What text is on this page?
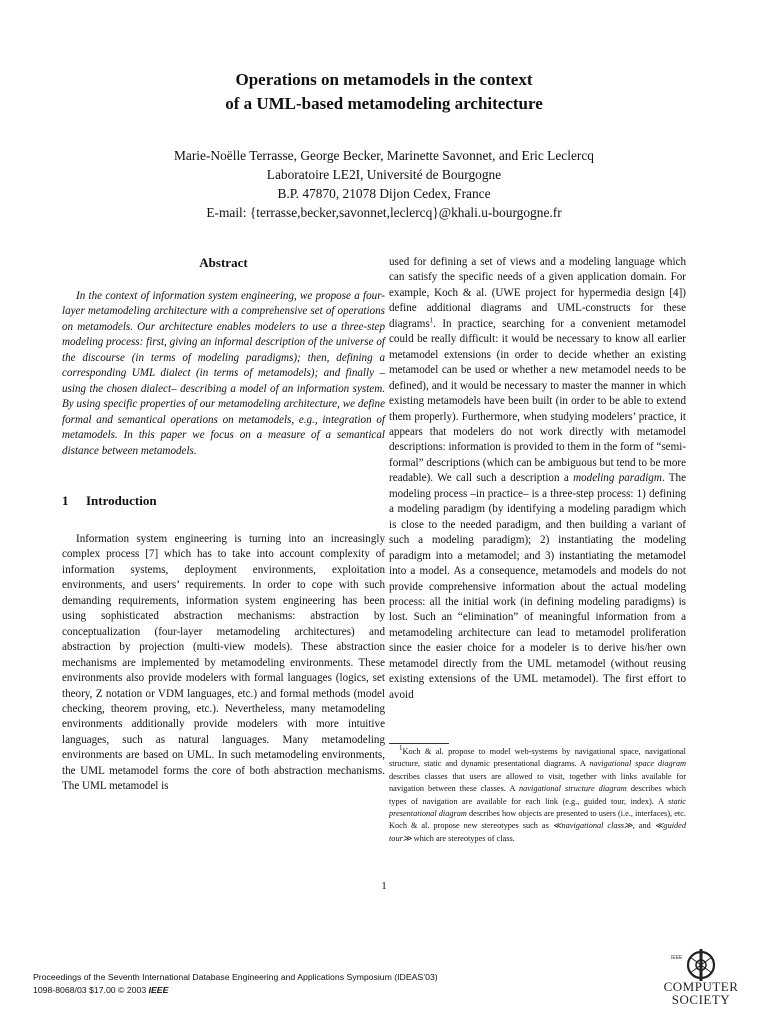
Operations on metamodels in the context
of a UML-based metamodeling architecture
Marie-Noëlle Terrasse, George Becker, Marinette Savonnet, and Eric Leclercq
Laboratoire LE2I, Université de Bourgogne
B.P. 47870, 21078 Dijon Cedex, France
E-mail: {terrasse,becker,savonnet,leclercq}@khali.u-bourgogne.fr
Abstract

In the context of information system engineering, we propose a four-layer metamodeling architecture with a comprehensive set of operations on metamodels. Our architecture enables modelers to use a three-step modeling process: first, giving an informal description of the universe of the discourse (in terms of modeling paradigms); then, defining a corresponding UML dialect (in terms of metamodels); and finally –using the chosen dialect– describing a model of an information system. By using specific properties of our metamodeling architecture, we define formal and semantical operations on metamodels, e.g., integration of metamodels. In this paper we focus on a measure of a semantical distance between metamodels.

1 Introduction

Information system engineering is turning into an increasingly complex process [7] which has to take into account complexity of information systems, deployment environments, exploitation environments, and users’ requirements. In order to cope with such demanding requirements, information system engineering has been using sophisticated abstraction mechanisms: abstraction by conceptualization (four-layer metamodeling architectures) and abstraction by projection (multi-view models). These abstraction mechanisms are implemented by metamodeling environments. These environments also provide modelers with formal languages (logics, set theory, Z notation or VDM languages, etc.) and formal methods (model checking, theorem proving, etc.). Nevertheless, many metamodeling environments additionally provide modelers with more intuitive languages, such as natural languages. Many metamodeling environments are based on UML. In such metamodeling environments, the UML metamodel forms the core of both abstraction mechanisms. The UML metamodel is

used for defining a set of views and a modeling language which can satisfy the specific needs of a given application domain. For example, Koch & al. (UWE project for hypermedia design [4]) define additional diagrams and UML-constructs for these diagrams$^1$. In practice, searching for a convenient metamodel could be really difficult: it would be necessary to know all earlier metamodel extensions (in order to decide whether an existing metamodel can be used or whether a new metamodel needs to be defined), and it would be necessary to master the manner in which existing metamodels have been built (in order to be able to extend them properly). Furthermore, when studying modelers’ practice, it appears that modelers do not work directly with metamodel descriptions: information is provided to them in the form of “semi-formal” descriptions (which can be ambiguous but tend to be more readable). We call such a description a modeling paradigm. The modeling process –in practice– is a three-step process: 1) defining a modeling paradigm (by identifying a modeling paradigm which is close to the needed paradigm, and then building a variant of such a modeling paradigm); 2) instantiating the modeling paradigm into a metamodel; and 3) instantiating the metamodel into a model. As a consequence, metamodels and models do not provide comprehensive information about the actual modeling process: all the initial work (in defining modeling paradigms) is lost. Such an “elimination” of meaningful information from a metamodeling architecture can lead to metamodel proliferation since the easier choice for a modeler is to derive his/her own metamodel directly from the UML metamodel (without reusing existing extensions of the UML metamodel). The first effort to avoid

$^1$Koch & al. propose to model web-systems by navigational space, navigational structure, static and dynamic presentational diagrams. A navigational space diagram describes classes that users are allowed to visit, together with links available for navigation between these classes. A navigational structure diagram describes which types of navigation are available for each link (e.g., guided tour, index). A static presentational diagram describes how objects are presented to users (i.e., interfaces), etc. Koch & al. propose new stereotypes such as ≪navigational class≫, and ≪guided tour≫ which are stereotypes of class.

1
Proceedings of the Seventh International Database Engineering and Applications Symposium (IDEAS’03)
1098-8068/03 $17.00 © 2003 IEEE
IEEE
COMPUTER
SOCIETY
